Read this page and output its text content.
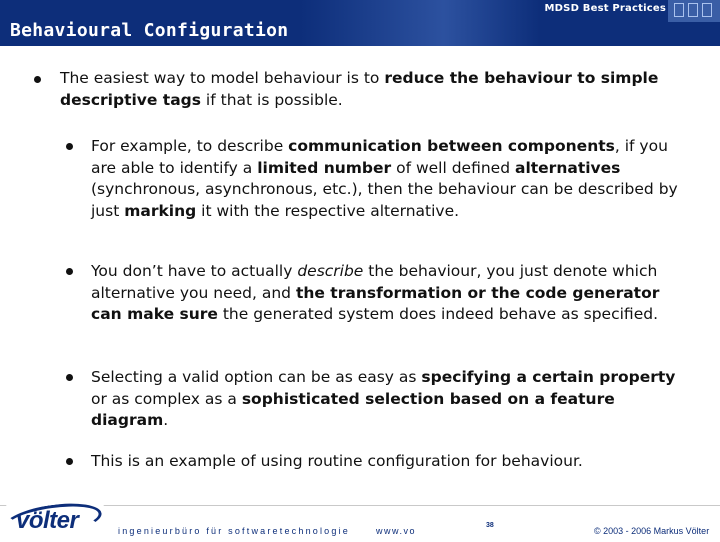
MDSD Best Practices
Behavioural Configuration
The easiest way to model behaviour is to reduce the behaviour to simple descriptive tags if that is possible.
For example, to describe communication between components, if you are able to identify a limited number of well defined alternatives (synchronous, asynchronous, etc.), then the behaviour can be described by just marking it with the respective alternative.
You don’t have to actually describe the behaviour, you just denote which alternative you need, and the transformation or the code generator can make sure the generated system does indeed behave as specified.
Selecting a valid option can be as easy as specifying a certain property or as complex as a sophisticated selection based on a feature diagram.
This is an example of using routine configuration for behaviour.
völter	ingenieurbüro für softwaretechnologie	www.vo
38
© 2003 - 2006 Markus Völter
